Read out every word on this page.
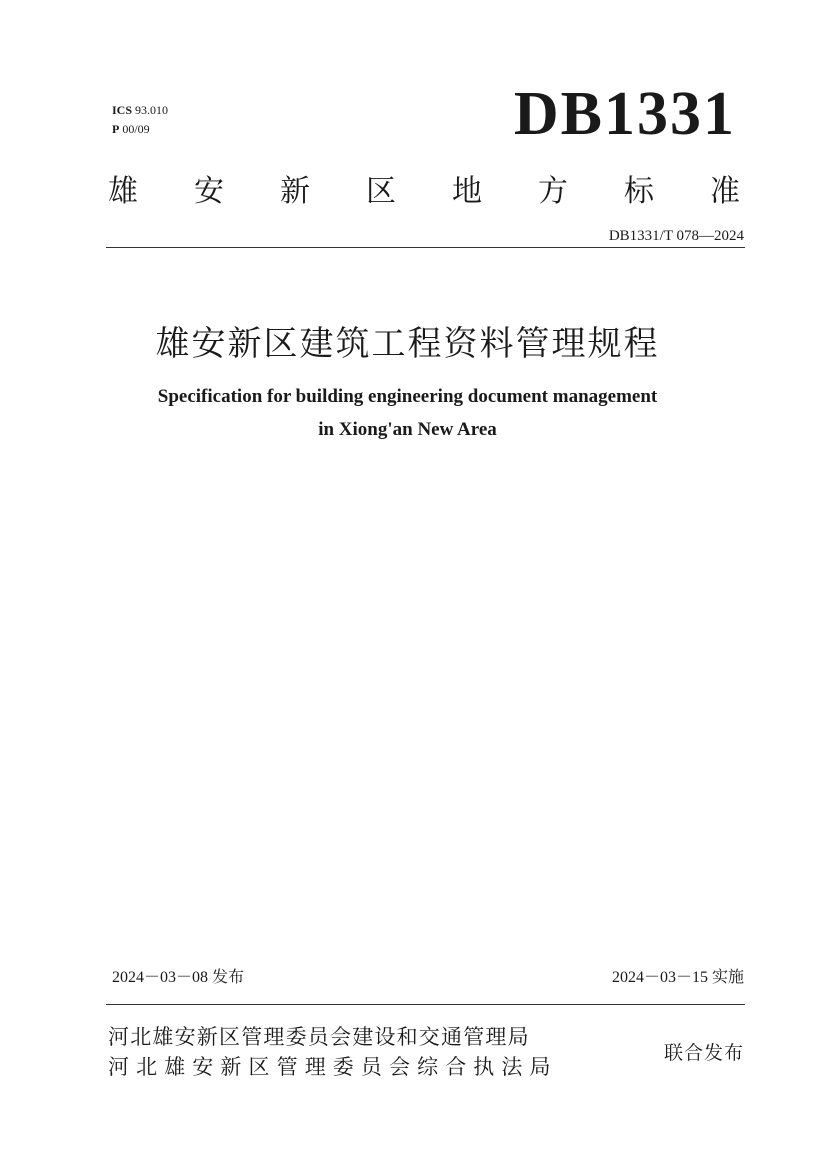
ICS 93.010
P 00/09	DB1331
雄 安 新 区 地 方 标 准
DB1331/T 078—2024
雄安新区建筑工程资料管理规程
Specification for building engineering document management
in Xiong'an New Area
2024－03－08 发布	2024－03－15 实施
河北雄安新区管理委员会建设和交通管理局
河北雄安新区管理委员会综合执法局
联合发布
